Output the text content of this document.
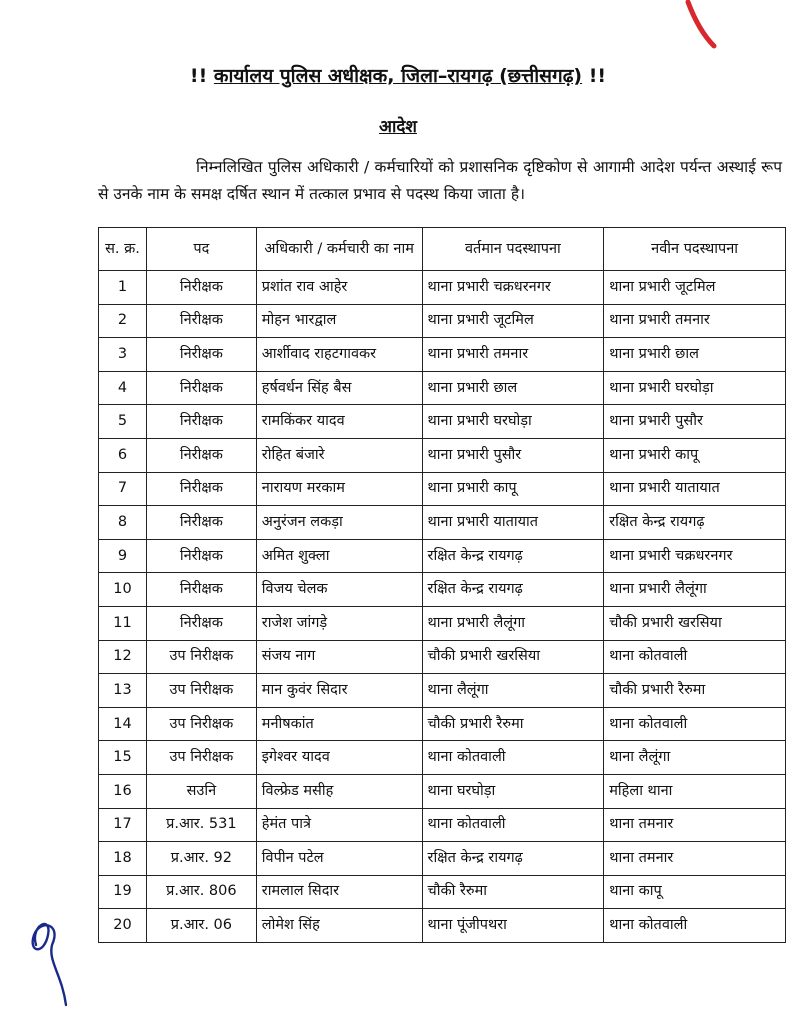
!! कार्यालय पुलिस अधीक्षक, जिला–रायगढ़ (छत्तीसगढ़) !!
आदेश
निम्नलिखित पुलिस अधिकारी / कर्मचारियों को प्रशासनिक दृष्टिकोण से आगामी आदेश पर्यन्त अस्थाई रूप से उनके नाम के समक्ष दर्षित स्थान में तत्काल प्रभाव से पदस्थ किया जाता है।
स. क्र.	पद	अधिकारी / कर्मचारी का नाम	वर्तमान पदस्थापना	नवीन पदस्थापना
1	निरीक्षक	प्रशांत राव आहेर	थाना प्रभारी चक्रधरनगर	थाना प्रभारी जूटमिल
2	निरीक्षक	मोहन भारद्वाल	थाना प्रभारी जूटमिल	थाना प्रभारी तमनार
3	निरीक्षक	आर्शीवाद राहटगावकर	थाना प्रभारी तमनार	थाना प्रभारी छाल
4	निरीक्षक	हर्षवर्धन सिंह बैस	थाना प्रभारी छाल	थाना प्रभारी घरघोड़ा
5	निरीक्षक	रामकिंकर यादव	थाना प्रभारी घरघोड़ा	थाना प्रभारी पुसौर
6	निरीक्षक	रोहित बंजारे	थाना प्रभारी पुसौर	थाना प्रभारी कापू
7	निरीक्षक	नारायण मरकाम	थाना प्रभारी कापू	थाना प्रभारी यातायात
8	निरीक्षक	अनुरंजन लकड़ा	थाना प्रभारी यातायात	रक्षित केन्द्र रायगढ़
9	निरीक्षक	अमित शुक्ला	रक्षित केन्द्र रायगढ़	थाना प्रभारी चक्रधरनगर
10	निरीक्षक	विजय चेलक	रक्षित केन्द्र रायगढ़	थाना प्रभारी लैलूंगा
11	निरीक्षक	राजेश जांगड़े	थाना प्रभारी लैलूंगा	चौकी प्रभारी खरसिया
12	उप निरीक्षक	संजय नाग	चौकी प्रभारी खरसिया	थाना कोतवाली
13	उप निरीक्षक	मान कुवंर सिदार	थाना लैलूंगा	चौकी प्रभारी रैरुमा
14	उप निरीक्षक	मनीषकांत	चौकी प्रभारी रैरुमा	थाना कोतवाली
15	उप निरीक्षक	इगेश्वर यादव	थाना कोतवाली	थाना लैलूंगा
16	सउनि	विल्फ्रेड मसीह	थाना घरघोड़ा	महिला थाना
17	प्र.आर. 531	हेमंत पात्रे	थाना कोतवाली	थाना तमनार
18	प्र.आर. 92	विपीन पटेल	रक्षित केन्द्र रायगढ़	थाना तमनार
19	प्र.आर. 806	रामलाल सिदार	चौकी रैरुमा	थाना कापू
20	प्र.आर. 06	लोमेश सिंह	थाना पूंजीपथरा	थाना कोतवाली
